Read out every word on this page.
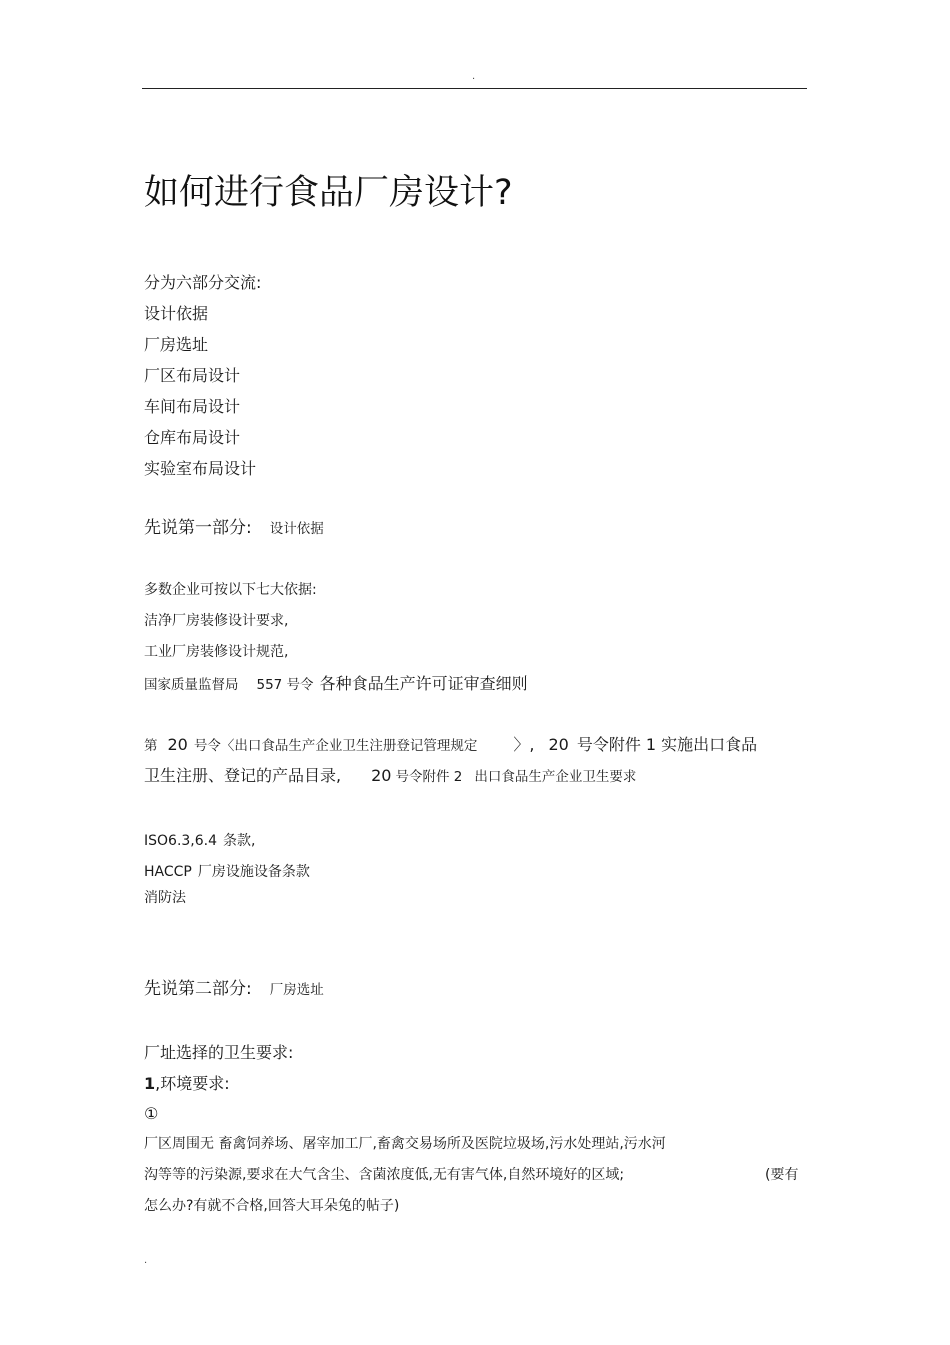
.
如何进行食品厂房设计?
分为六部分交流:
设计依据
厂房选址
厂区布局设计
车间布局设计
仓库布局设计
实验室布局设计
先说第一部分: 设计依据
多数企业可按以下七大依据:
洁净厂房装修设计要求,
工业厂房装修设计规范,
国家质量监督局 557 号令 各种食品生产许可证审查细则
第 20 号令〈出口食品生产企业卫生注册登记管理规定 〉, 20 号令附件 1 实施出口食品
卫生注册、登记的产品目录, 20 号令附件 2 出口食品生产企业卫生要求
ISO6.3,6.4 条款,
HACCP 厂房设施设备条款
消防法
先说第二部分: 厂房选址
厂址选择的卫生要求:
1,环境要求:
①
厂区周围无 畜禽饲养场、屠宰加工厂,畜禽交易场所及医院垃圾场,污水处理站,污水河
沟等等的污染源,要求在大气含尘、含菌浓度低,无有害气体,自然环境好的区域;	(要有
怎么办?有就不合格,回答大耳朵兔的帖子)
.
